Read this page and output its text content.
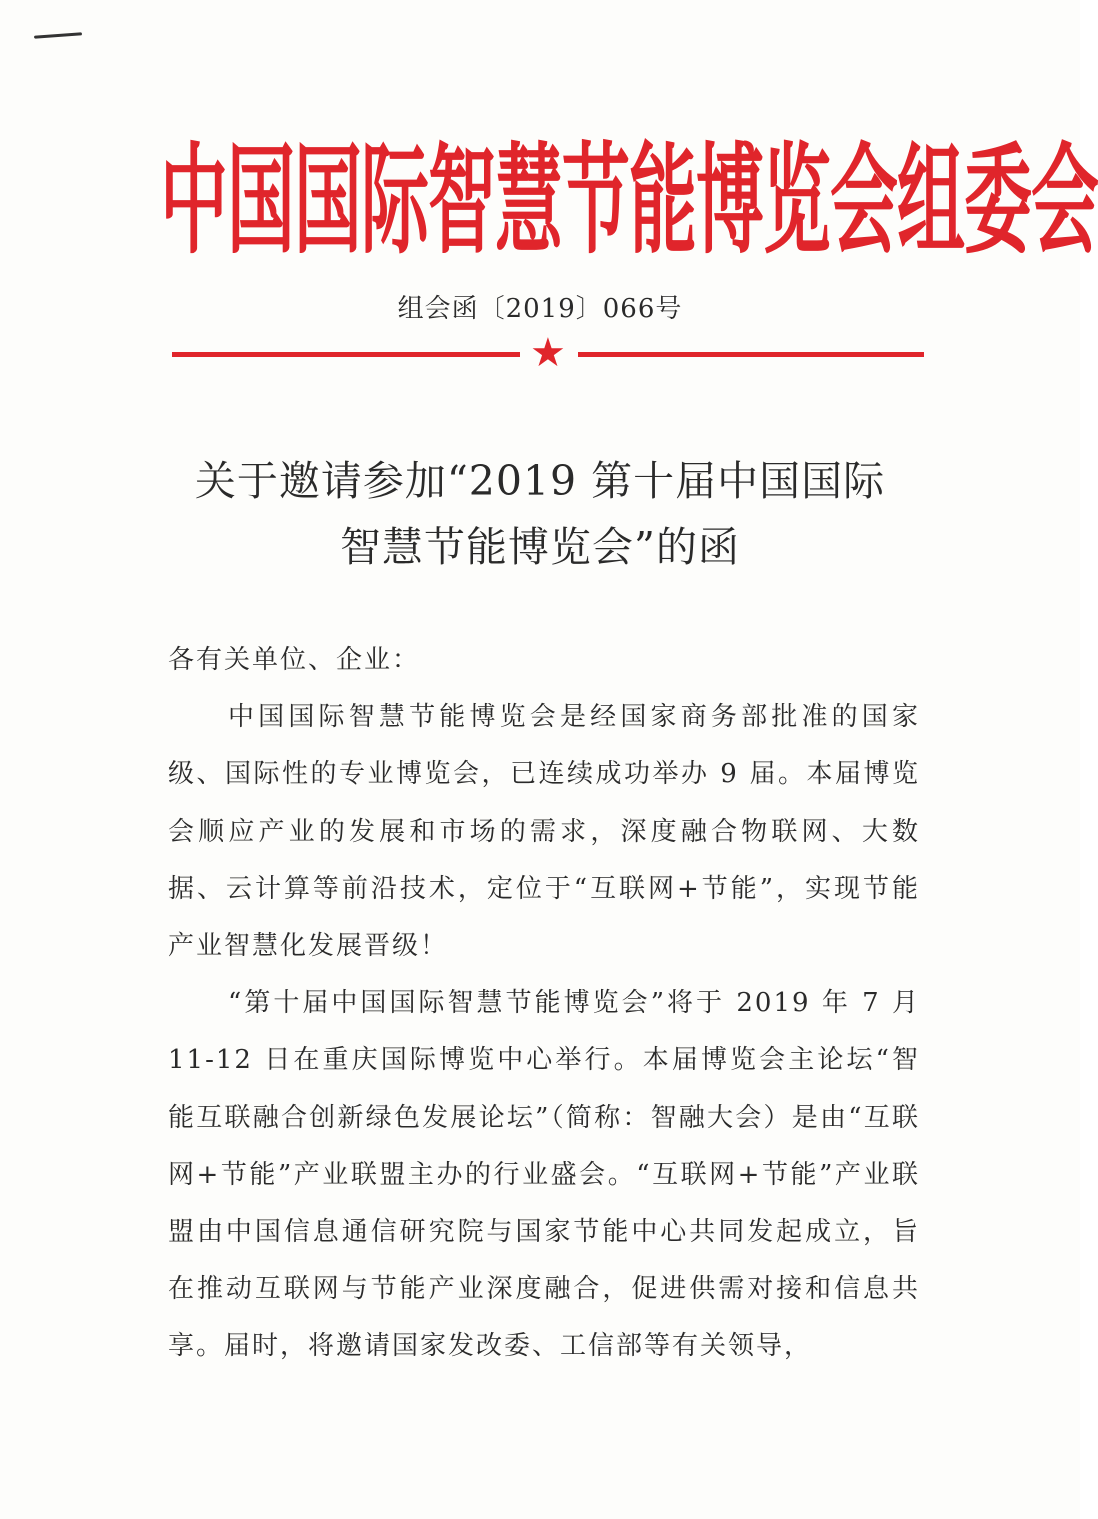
中国国际智慧节能博览会组委会
组会函〔2019〕066号
★
关于邀请参加“2019 第十届中国国际
智慧节能博览会”的函

各有关单位、企业：

中国国际智慧节能博览会是经国家商务部批准的国家级、国际性的专业博览会，已连续成功举办 9 届。本届博览会顺应产业的发展和市场的需求，深度融合物联网、大数据、云计算等前沿技术，定位于“互联网+节能”，实现节能产业智慧化发展晋级！

“第十届中国国际智慧节能博览会”将于 2019 年 7 月 11-12 日在重庆国际博览中心举行。本届博览会主论坛“智能互联融合创新绿色发展论坛”（简称：智融大会）是由“互联网+节能”产业联盟主办的行业盛会。“互联网+节能”产业联盟由中国信息通信研究院与国家节能中心共同发起成立，旨在推动互联网与节能产业深度融合，促进供需对接和信息共享。届时，将邀请国家发改委、工信部等有关领导，
